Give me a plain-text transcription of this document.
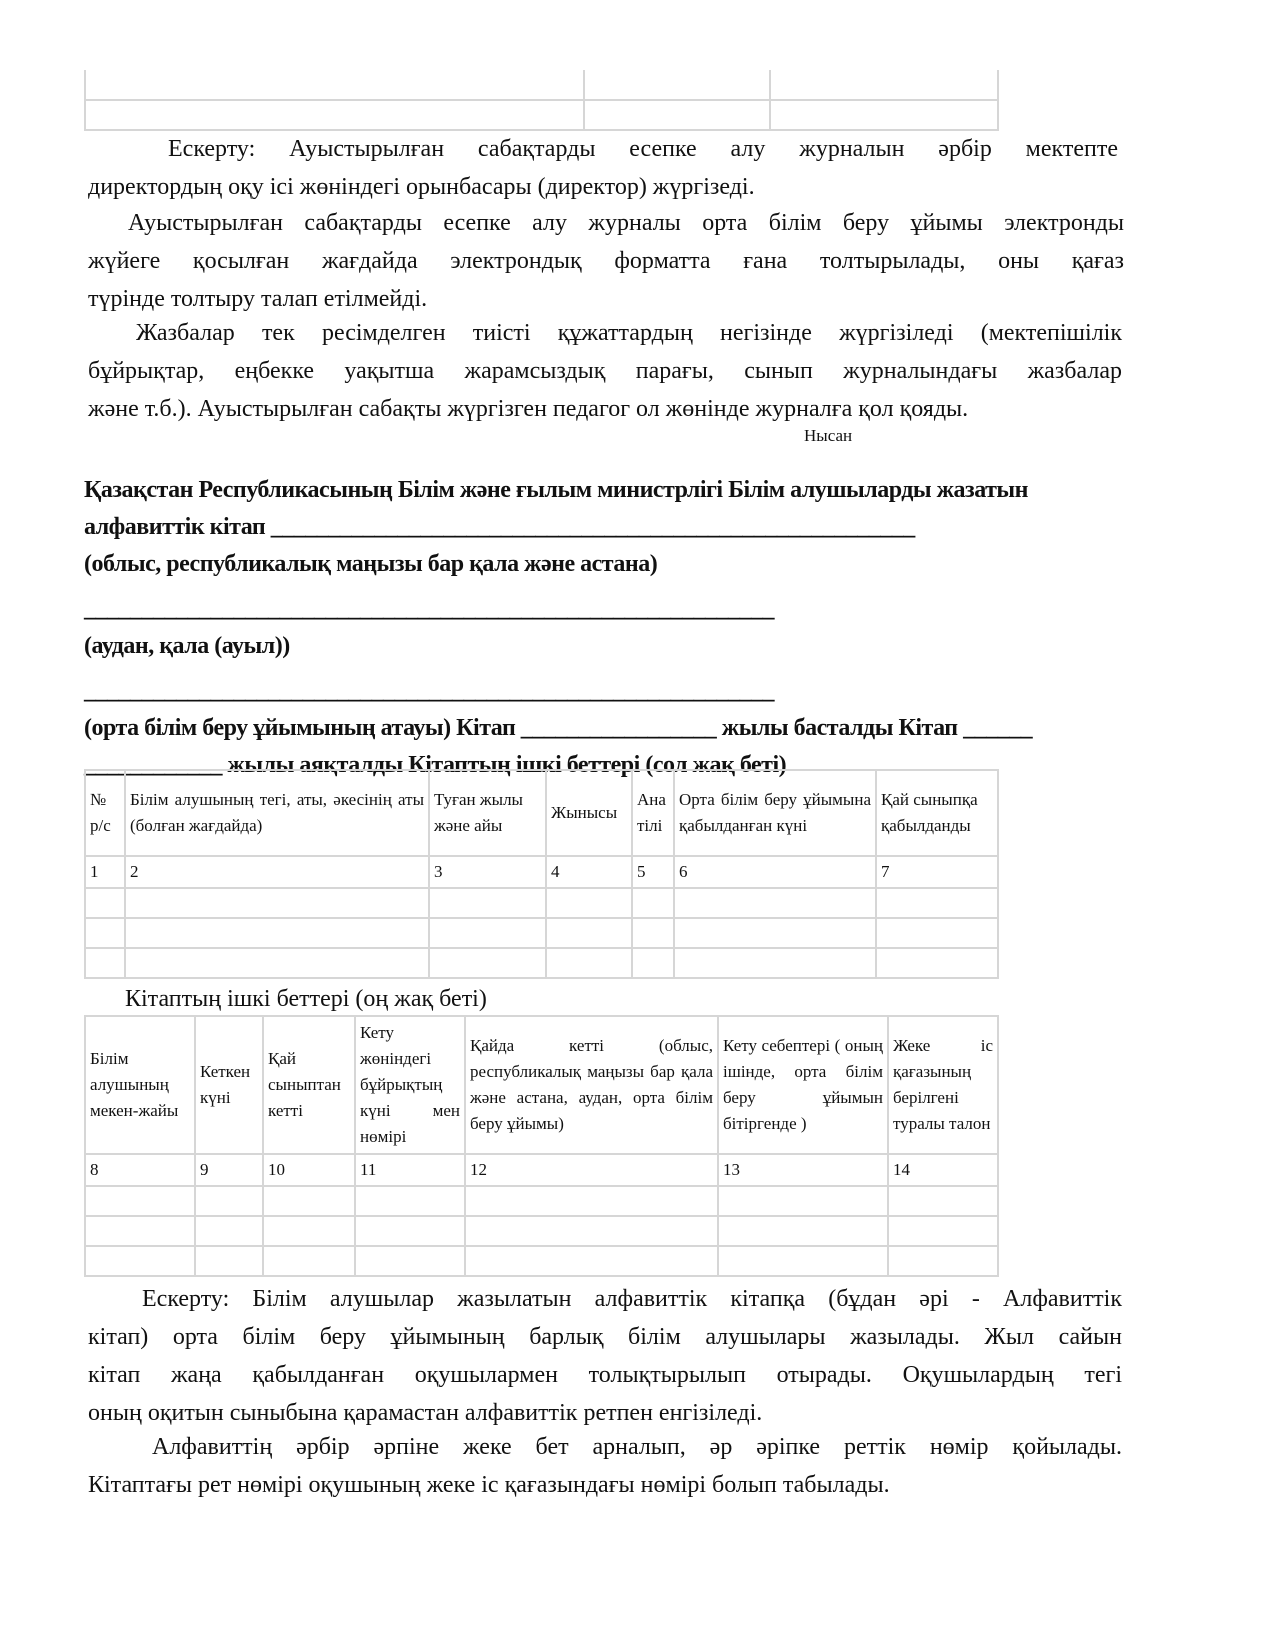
Ескерту: Ауыстырылған сабақтарды есепке алу журналын әрбір мектепте
директордың оқу ісі жөніндегі орынбасары (директор) жүргізеді.
Ауыстырылған сабақтарды есепке алу журналы орта білім беру ұйымы электронды
жүйеге қосылған жағдайда электрондық форматта ғана толтырылады, оны қағаз
түрінде толтыру талап етілмейді.
Жазбалар тек ресімделген тиісті құжаттардың негізінде жүргізіледі (мектепішілік
бұйрықтар, еңбекке уақытша жарамсыздық парағы, сынып журналындағы жазбалар
және т.б.). Ауыстырылған сабақты жүргізген педагог ол жөнінде журналға қол қояды.
Нысан
Қазақстан Республикасының Білім және ғылым министрлігі Білім алушыларды жазатын
алфавиттік кітап ________________________________________________________
(облыс, республикалық маңызы бар қала және астана)
____________________________________________________________
(аудан, қала (ауыл))
____________________________________________________________
(орта білім беру ұйымының атауы) Кітап _________________ жылы басталды Кітап ______
____________ жылы аяқталды Кітаптың ішкі беттері (сол жақ беті)
№ р/с	Білім алушының тегі, аты, әкесінің аты (болған жағдайда)	Туған жылы және айы	Жынысы	Ана тілі	Орта білім беру ұйымына қабылданған күні	Қай сыныпқа қабылданды
1	2	3	4	5	6	7

Кітаптың ішкі беттері (оң жақ беті)
Білім алушының мекен-жайы	Кеткен күні	Қай сыныптан кетті	Кету жөніндегі бұйрықтың күні мен нөмірі	Қайда кетті (облыс, республикалық маңызы бар қала және астана, аудан, орта білім беру ұйымы)	Кету себептері ( оның ішінде, орта білім беру ұйымын бітіргенде )	Жеке іс қағазының берілгені туралы талон
8	9	10	11	12	13	14

Ескерту: Білім алушылар жазылатын алфавиттік кітапқа (бұдан әрі - Алфавиттік
кітап) орта білім беру ұйымының барлық білім алушылары жазылады. Жыл сайын
кітап жаңа қабылданған оқушылармен толықтырылып отырады. Оқушылардың тегі
оның оқитын сыныбына қарамастан алфавиттік ретпен енгізіледі.
Алфавиттің әрбір әрпіне жеке бет арналып, әр әріпке реттік нөмір қойылады.
Кітаптағы рет нөмірі оқушының жеке іс қағазындағы нөмірі болып табылады.
